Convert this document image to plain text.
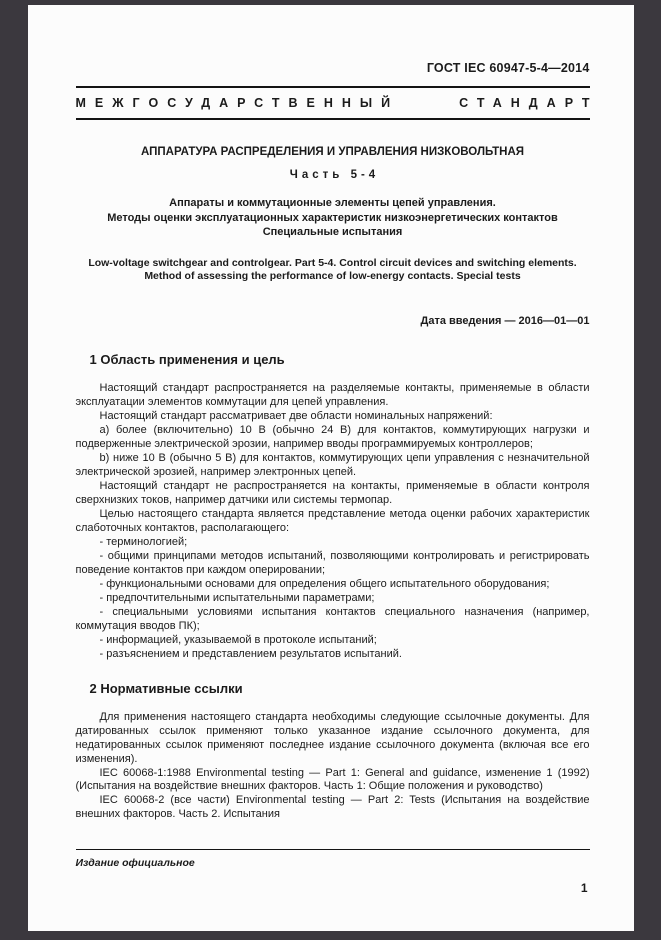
ГОСТ IEC 60947-5-4—2014
МЕЖГОСУДАРСТВЕННЫЙ	СТАНДАРТ
АППАРАТУРА РАСПРЕДЕЛЕНИЯ И УПРАВЛЕНИЯ НИЗКОВОЛЬТНАЯ
Часть 5-4
Аппараты и коммутационные элементы цепей управления.
Методы оценки эксплуатационных характеристик низкоэнергетических контактов
Специальные испытания
Low-voltage switchgear and controlgear. Part 5-4. Control circuit devices and switching elements.
Method of assessing the performance of low-energy contacts. Special tests
Дата введения — 2016—01—01
1 Область применения и цель

Настоящий стандарт распространяется на разделяемые контакты, применяемые в области эксплуатации элементов коммутации для цепей управления.

Настоящий стандарт рассматривает две области номинальных напряжений:

а) более (включительно) 10 В (обычно 24 В) для контактов, коммутирующих нагрузки и подверженные электрической эрозии, например вводы программируемых контроллеров;

b) ниже 10 В (обычно 5 В) для контактов, коммутирующих цепи управления с незначительной электрической эрозией, например электронных цепей.

Настоящий стандарт не распространяется на контакты, применяемые в области контроля сверхнизких токов, например датчики или системы термопар.

Целью настоящего стандарта является представление метода оценки рабочих характеристик слаботочных контактов, располагающего:

- терминологией;

- общими принципами методов испытаний, позволяющими контролировать и регистрировать поведение контактов при каждом оперировании;

- функциональными основами для определения общего испытательного оборудования;

- предпочтительными испытательными параметрами;

- специальными условиями испытания контактов специального назначения (например, коммутация вводов ПК);

- информацией, указываемой в протоколе испытаний;

- разъяснением и представлением результатов испытаний.

2 Нормативные ссылки

Для применения настоящего стандарта необходимы следующие ссылочные документы. Для датированных ссылок применяют только указанное издание ссылочного документа, для недатированных ссылок применяют последнее издание ссылочного документа (включая все его изменения).

IEC 60068-1:1988 Environmental testing — Part 1: General and guidance, изменение 1 (1992) (Испытания на воздействие внешних факторов. Часть 1: Общие положения и руководство)

IEC 60068-2 (все части) Environmental testing — Part 2: Tests (Испытания на воздействие внешних факторов. Часть 2. Испытания

Издание официальное
1
